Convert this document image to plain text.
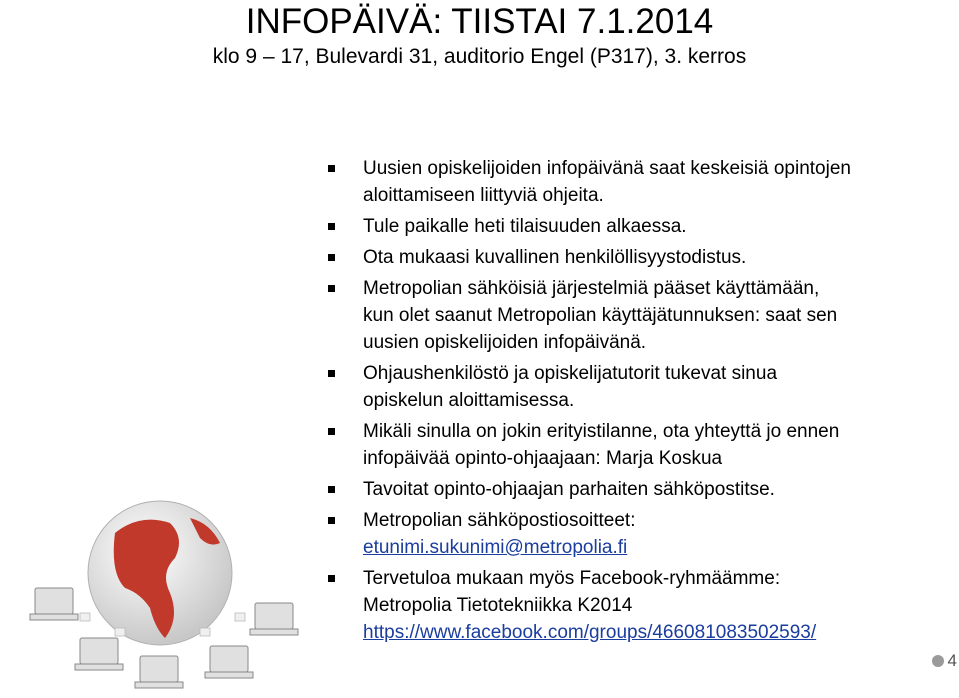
INFOPÄIVÄ: TIISTAI 7.1.2014
klo 9 – 17, Bulevardi 31, auditorio Engel (P317), 3. kerros
Uusien opiskelijoiden infopäivänä saat keskeisiä opintojen
aloittamiseen liittyviä ohjeita.
Tule paikalle heti tilaisuuden alkaessa.
Ota mukaasi kuvallinen henkilöllisyystodistus.
Metropolian sähköisiä järjestelmiä pääset käyttämään,
kun olet saanut Metropolian käyttäjätunnuksen: saat sen
uusien opiskelijoiden infopäivänä.
Ohjaushenkilöstö ja opiskelijatutorit tukevat sinua
opiskelun aloittamisessa.
Mikäli sinulla on jokin erityistilanne, ota yhteyttä jo ennen
infopäivää opinto-ohjaajaan: Marja Koskua
Tavoitat opinto-ohjaajan parhaiten sähköpostitse.
Metropolian sähköpostiosoitteet:
etunimi.sukunimi@metropolia.fi
Tervetuloa mukaan myös Facebook-ryhmäämme:
Metropolia Tietotekniikka K2014
https://www.facebook.com/groups/466081083502593/
4
